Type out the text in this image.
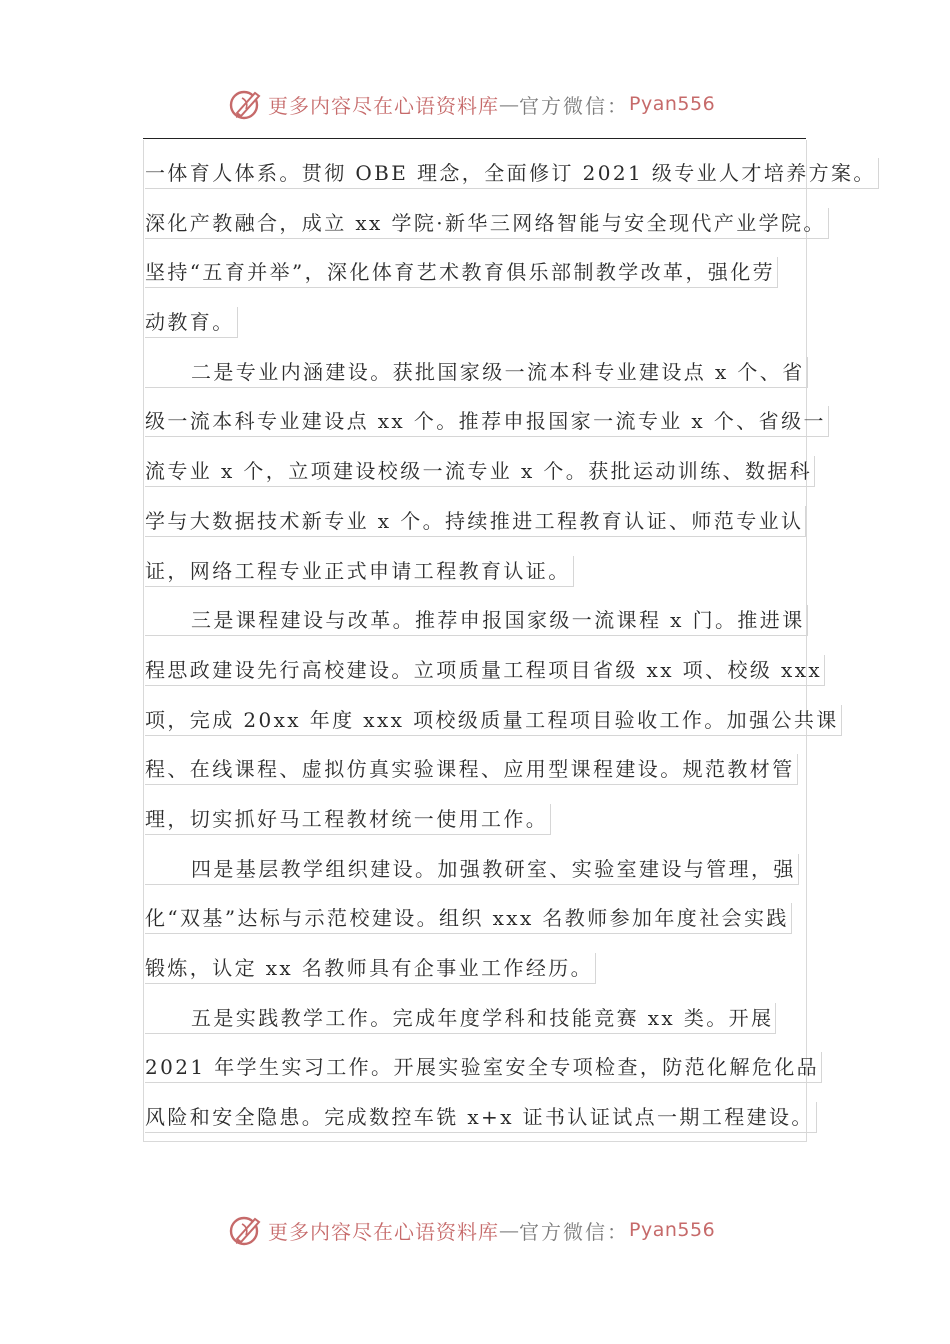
更多内容尽在心语资料库 — 官方微信： Pyan556
一体育人体系。贯彻 OBE 理念，全面修订 2021 级专业人才培养方案。
深化产教融合，成立 xx 学院·新华三网络智能与安全现代产业学院。
坚持“五育并举”，深化体育艺术教育俱乐部制教学改革，强化劳
动教育。
二是专业内涵建设。获批国家级一流本科专业建设点 x 个、省
级一流本科专业建设点 xx 个。推荐申报国家一流专业 x 个、省级一
流专业 x 个，立项建设校级一流专业 x 个。获批运动训练、数据科
学与大数据技术新专业 x 个。持续推进工程教育认证、师范专业认
证，网络工程专业正式申请工程教育认证。
三是课程建设与改革。推荐申报国家级一流课程 x 门。推进课
程思政建设先行高校建设。立项质量工程项目省级 xx 项、校级 xxx
项，完成 20xx 年度 xxx 项校级质量工程项目验收工作。加强公共课
程、在线课程、虚拟仿真实验课程、应用型课程建设。规范教材管
理，切实抓好马工程教材统一使用工作。
四是基层教学组织建设。加强教研室、实验室建设与管理，强
化“双基”达标与示范校建设。组织 xxx 名教师参加年度社会实践
锻炼，认定 xx 名教师具有企事业工作经历。
五是实践教学工作。完成年度学科和技能竞赛 xx 类。开展
2021 年学生实习工作。开展实验室安全专项检查，防范化解危化品
风险和安全隐患。完成数控车铣 x+x 证书认证试点一期工程建设。
更多内容尽在心语资料库 — 官方微信： Pyan556
